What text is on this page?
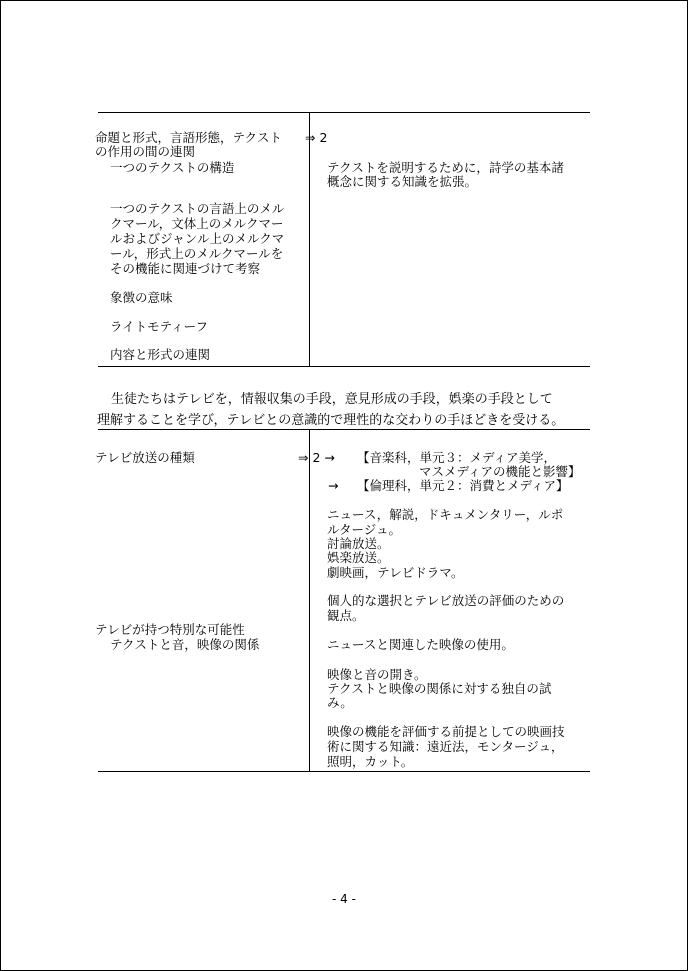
命題と形式，言語形態，テクスト
の作用の間の連関
一つのテクストの構造
一つのテクストの言語上のメル
クマール，文体上のメルクマー
ルおよびジャンル上のメルクマ
ール，形式上のメルクマールを
その機能に関連づけて考察
象徴の意味
ライトモティーフ
内容と形式の連関
⇒ 2
テクストを説明するために，詩学の基本諸
概念に関する知識を拡張。
生徒たちはテレビを，情報収集の手段，意見形成の手段，娯楽の手段として
理解することを学び，テレビとの意識的で理性的な交わりの手ほどきを受ける。
テレビ放送の種類
テレビが持つ特別な可能性
テクストと音，映像の関係
⇒ 2 →
→
【音楽科，単元３：メディア美学，
マスメディアの機能と影響】
【倫理科，単元２：消費とメディア】
ニュース，解説，ドキュメンタリー，ルポ
ルタージュ。
討論放送。
娯楽放送。
劇映画，テレビドラマ。
個人的な選択とテレビ放送の評価のための
観点。
ニュースと関連した映像の使用。
映像と音の開き。
テクストと映像の関係に対する独自の試
み。
映像の機能を評価する前提としての映画技
術に関する知識：遠近法，モンタージュ，
照明，カット。
- 4 -
